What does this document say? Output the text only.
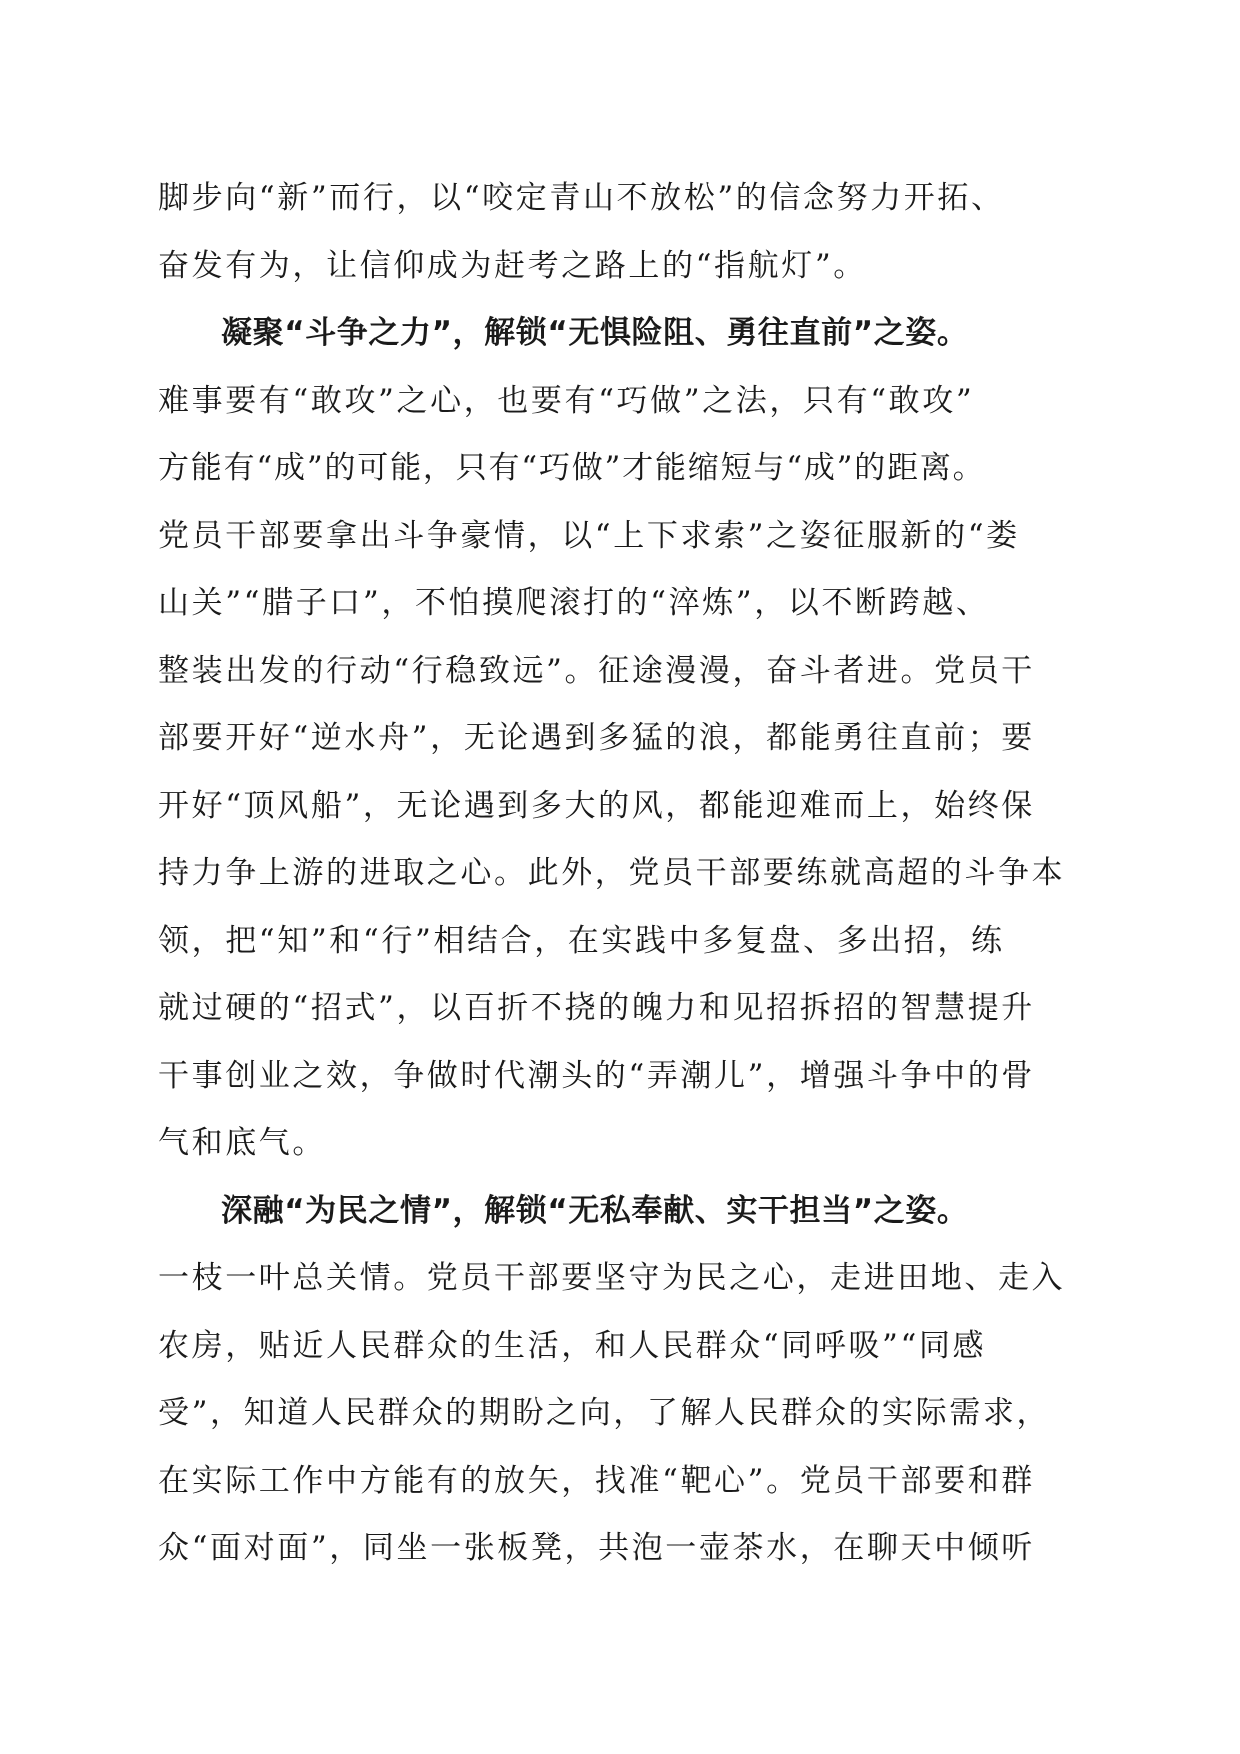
脚步向“新”而行，以“咬定青山不放松”的信念努力开拓、
奋发有为，让信仰成为赶考之路上的“指航灯”。
凝聚“斗争之力”，解锁“无惧险阻、勇往直前”之姿。
难事要有“敢攻”之心，也要有“巧做”之法，只有“敢攻”
方能有“成”的可能，只有“巧做”才能缩短与“成”的距离。
党员干部要拿出斗争豪情，以“上下求索”之姿征服新的“娄
山关”“腊子口”，不怕摸爬滚打的“淬炼”，以不断跨越、
整装出发的行动“行稳致远”。征途漫漫，奋斗者进。党员干
部要开好“逆水舟”，无论遇到多猛的浪，都能勇往直前；要
开好“顶风船”，无论遇到多大的风，都能迎难而上，始终保
持力争上游的进取之心。此外，党员干部要练就高超的斗争本
领，把“知”和“行”相结合，在实践中多复盘、多出招，练
就过硬的“招式”，以百折不挠的魄力和见招拆招的智慧提升
干事创业之效，争做时代潮头的“弄潮儿”，增强斗争中的骨
气和底气。
深融“为民之情”，解锁“无私奉献、实干担当”之姿。
一枝一叶总关情。党员干部要坚守为民之心，走进田地、走入
农房，贴近人民群众的生活，和人民群众“同呼吸”“同感
受”，知道人民群众的期盼之向，了解人民群众的实际需求，
在实际工作中方能有的放矢，找准“靶心”。党员干部要和群
众“面对面”，同坐一张板凳，共泡一壶茶水，在聊天中倾听
